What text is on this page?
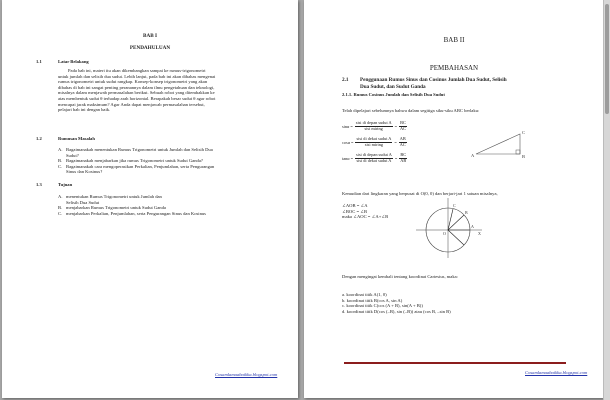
BAB I
PENDAHULUAN
1.1	Latar Belakang
Pada bab ini, materi itu akan dikembangkan sampai ke rumus-trigonometri
untuk jumlah dan selisih dua sudut. Lebih lanjut, pada bab ini akan dibahas mengenai
rumus trigonometri untuk sudut rangkap. Konsep-konsep trigonometri yang akan
dibahas di bab ini sangat penting peranannya dalam ilmu pengetahuan dan teknologi,
misalnya dalam menjawab permasalahan berikut. Sebuah robot yang ditembakkan ke
atas membentuk sudut θ terhadap arah horizontal. Berapakah besar sudut θ agar robot
mencapai jarak maksimum? Agar Anda dapat menjawab permasalahan tersebut,
pelajari bab ini dengan baik.
1.2	Rumusan Masalah
A. Bagaimanakah menentukan Rumus Trigonometri untuk Jumlah dan Selisih Dua
Sudut?
B. Bagaimanakah menjabarkan jika rumus Trigonometri untuk Sudut Ganda?
C. Bagaimanakah cara mengoperasikan Perkalian, Penjumlahan, serta Pengurangan
Sinus dan Kosinus?
1.3	Tujuan
A. menentukan Rumus Trigonometri untuk Jumlah dan
Selisih Dua Sudut
B. menjabarkan Rumus Trigonometri untuk Sudut Ganda
C. menjabarkan Perkalian, Penjumlahan, serta Pengurangan Sinus dan Kosinus
Cosamlamaabaikka.blogspot.com
BAB II
PEMBAHASAN
2.1 Penggunaan Rumus Sinus dan Cosinus Jumlah Dua Sudut, Selisih
Dua Sudut, dan Sudut Ganda
2.1.1. Rumus Cosinus Jumlah dan Selisih Dua Sudut
Telah dipelajari sebelumnya bahwa dalam segitiga siku-siku ABC berlaku:
$\sin\alpha = \frac{\text{sisi di depan sudut A}}{\text{sisi miring}} = \frac{BC}{AC}$
$\cos\alpha = \frac{\text{sisi di dekat sudut A}}{\text{sisi miring}} = \frac{AB}{AC}$
$\tan\alpha = \frac{\text{sisi di depan sudut A}}{\text{sisi di dekat sudut A}} = \frac{BC}{AB}$	A	B
C
Kemudian dari lingkaran yang berpusat di O(0, 0) dan berjari-jari 1 satuan misalnya,
∠AOB = ∠A
∠BOC = ∠B
maka ∠AOC = ∠A+∠B
A
B
C
O	X
Dengan mengingat kembali tentang koordinat Cartesius, maka:
a. koordinat titik A(1, 0)
b. koordinat titik B(cos A, sin A)
c. koordinat titik C(cos (A + B), sin(A + B))
d. koordinat titik D(cos (–B), sin (–B)) atau (cos B, –sin B)
Cosamlamaabaikka.blogspot.com
